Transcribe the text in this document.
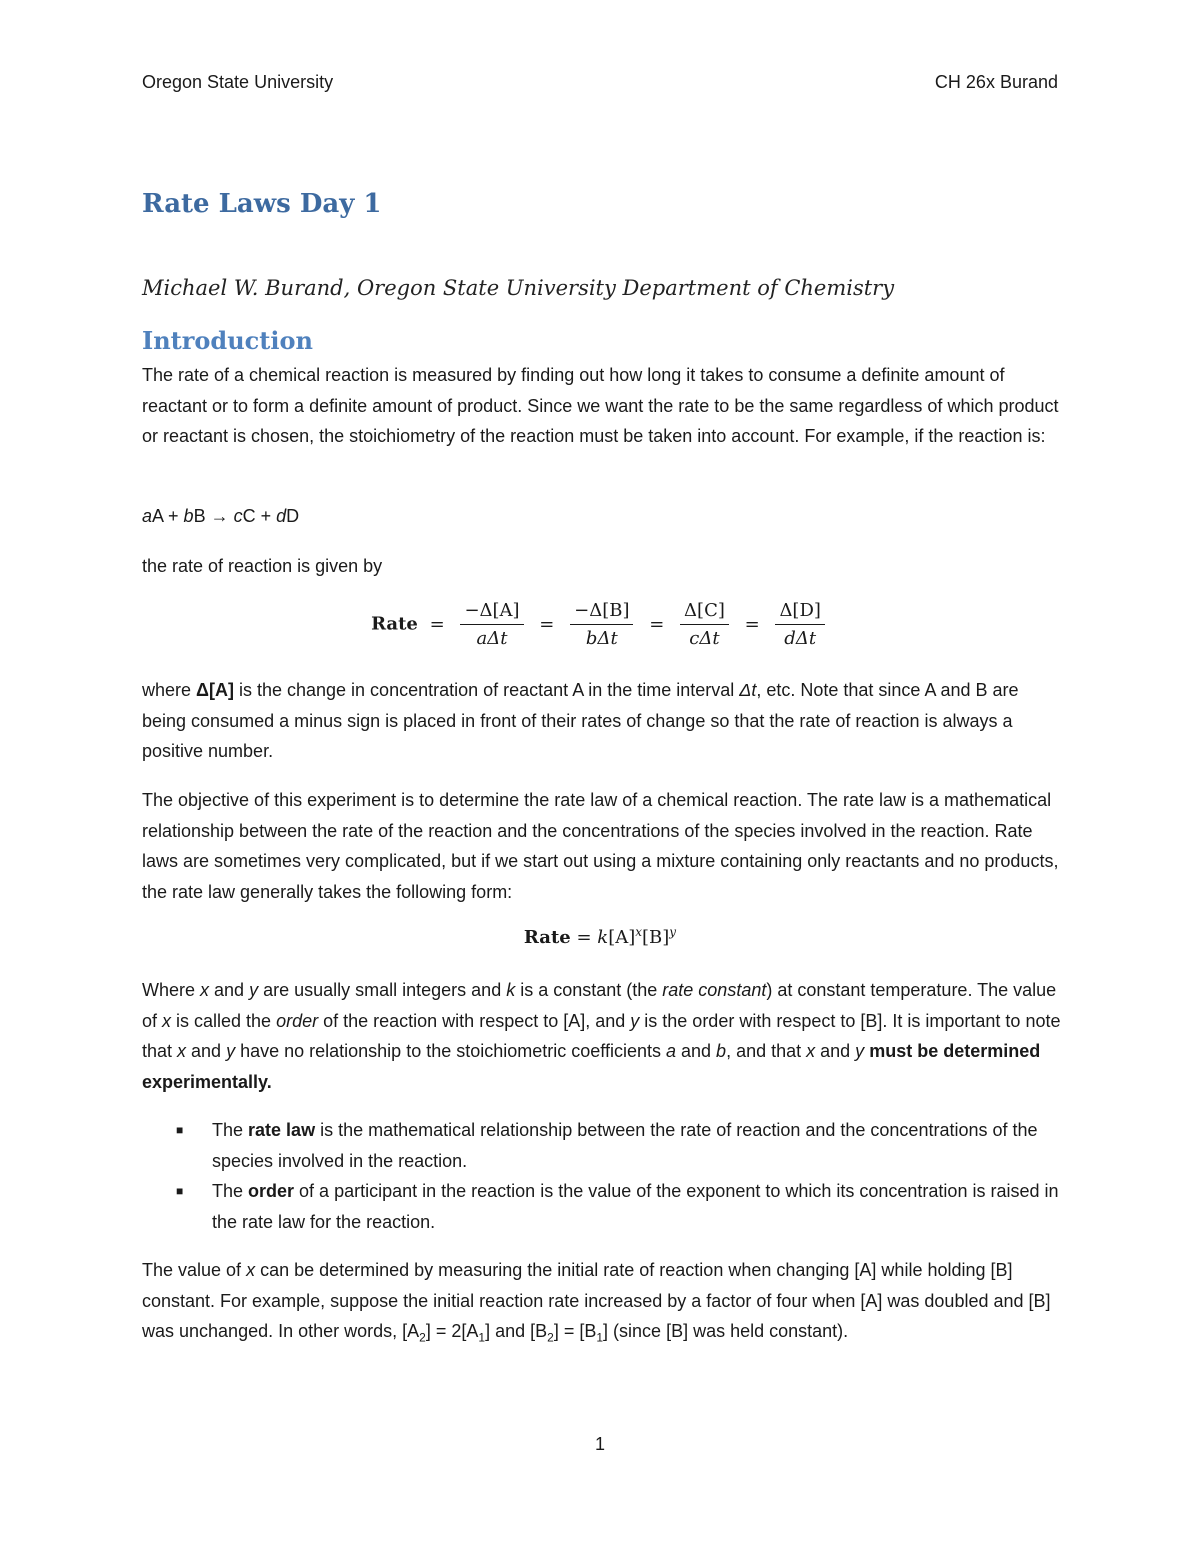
Oregon State University	CH 26x Burand
Rate Laws Day 1
Michael W. Burand, Oregon State University Department of Chemistry
Introduction
The rate of a chemical reaction is measured by finding out how long it takes to consume a definite amount of reactant or to form a definite amount of product. Since we want the rate to be the same regardless of which product or reactant is chosen, the stoichiometry of the reaction must be taken into account. For example, if the reaction is:
aA + bB → cC + dD
the rate of reaction is given by
Rate = $\frac{-\Delta[A]}{\text{aΔt}} = \frac{-\Delta[B]}{\text{bΔt}} = \frac{\Delta[C]}{\text{cΔt}} = \frac{\Delta[D]}{\text{dΔt}}$
where Δ[A] is the change in concentration of reactant A in the time interval Δt, etc. Note that since A and B are being consumed a minus sign is placed in front of their rates of change so that the rate of reaction is always a positive number.
The objective of this experiment is to determine the rate law of a chemical reaction. The rate law is a mathematical relationship between the rate of the reaction and the concentrations of the species involved in the reaction. Rate laws are sometimes very complicated, but if we start out using a mixture containing only reactants and no products, the rate law generally takes the following form:
Rate = $k[A]^x[B]^y$
Where x and y are usually small integers and k is a constant (the rate constant) at constant temperature. The value of x is called the order of the reaction with respect to [A], and y is the order with respect to [B]. It is important to note that x and y have no relationship to the stoichiometric coefficients a and b, and that x and y must be determined experimentally.
■ The rate law is the mathematical relationship between the rate of reaction and the concentrations of the species involved in the reaction.
■ The order of a participant in the reaction is the value of the exponent to which its concentration is raised in the rate law for the reaction.
The value of x can be determined by measuring the initial rate of reaction when changing [A] while holding [B] constant. For example, suppose the initial reaction rate increased by a factor of four when [A] was doubled and [B] was unchanged. In other words, $[A_2] = 2[A_1]$ and $[B_2] = [B_1]$ (since [B] was held constant).
1
